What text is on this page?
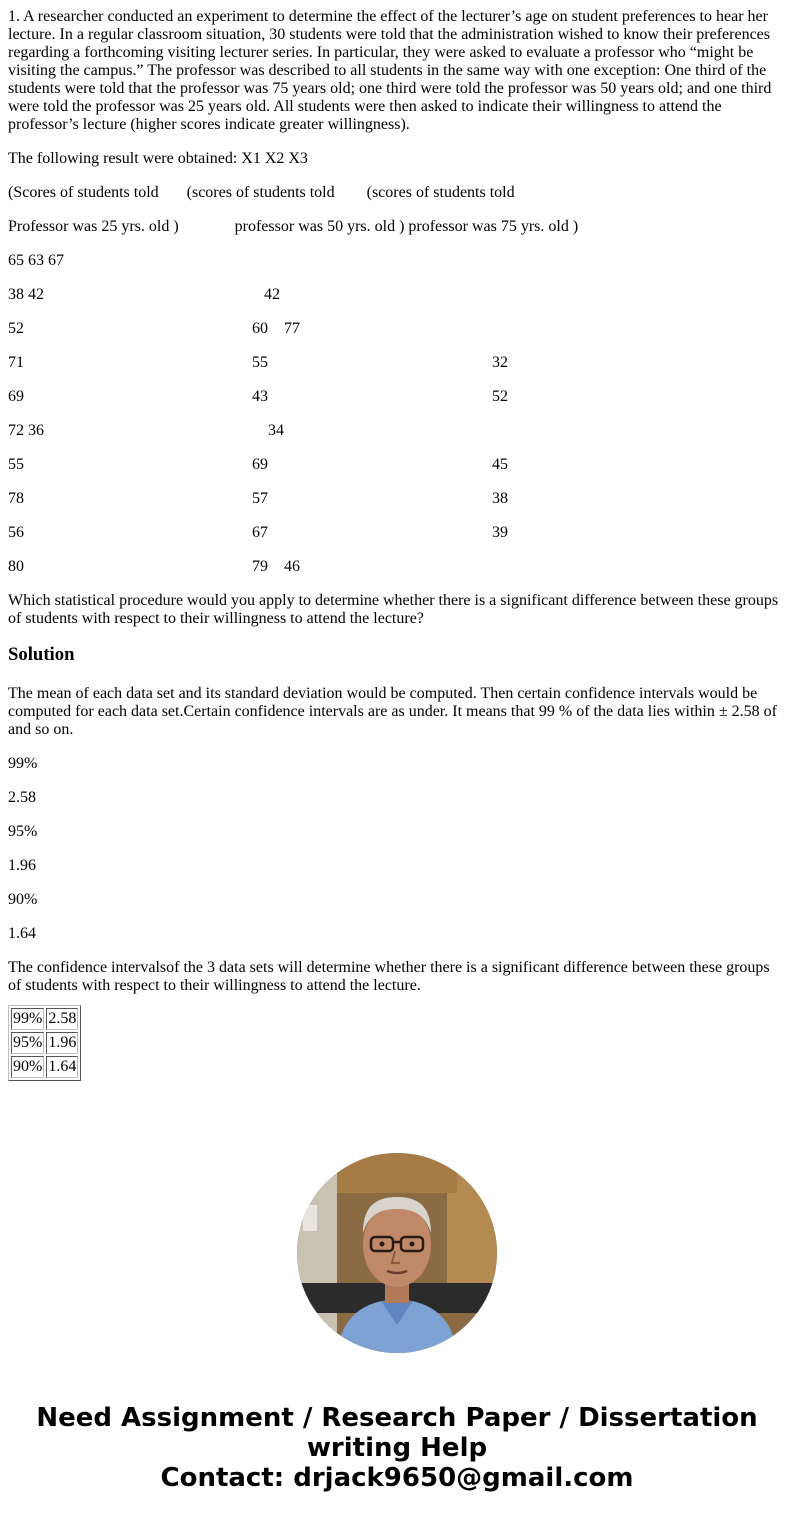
1. A researcher conducted an experiment to determine the effect of the lecturer’s age on student preferences to hear her lecture. In a regular classroom situation, 30 students were told that the administration wished to know their preferences regarding a forthcoming visiting lecturer series. In particular, they were asked to evaluate a professor who “might be visiting the campus.” The professor was described to all students in the same way with one exception: One third of the students were told that the professor was 75 years old; one third were told the professor was 50 years old; and one third were told the professor was 25 years old. All students were then asked to indicate their willingness to attend the professor’s lecture (higher scores indicate greater willingness).

The following result were obtained: X1 X2 X3

(Scores of students told       (scores of students told        (scores of students told

Professor was 25 yrs. old )              professor was 50 yrs. old ) professor was 75 yrs. old )

65 63 67
38 42	42
52	60    77
71	55	32
69	43	52
72 36	34
55	69	45
78	57	38
56	67	39
80	79    46

Which statistical procedure would you apply to determine whether there is a significant difference between these groups of students with respect to their willingness to attend the lecture?

Solution

The mean of each data set and its standard deviation would be computed. Then certain confidence intervals would be computed for each data set.Certain confidence intervals are as under. It means that 99 % of the data lies within ± 2.58 of and so on.

99%

2.58

95%

1.96

90%

1.64

The confidence intervalsof the 3 data sets will determine whether there is a significant difference between these groups of students with respect to their willingness to attend the lecture.

99%	2.58
95%	1.96
90%	1.64
Need Assignment / Research Paper / Dissertation
writing Help
Contact: drjack9650@gmail.com
